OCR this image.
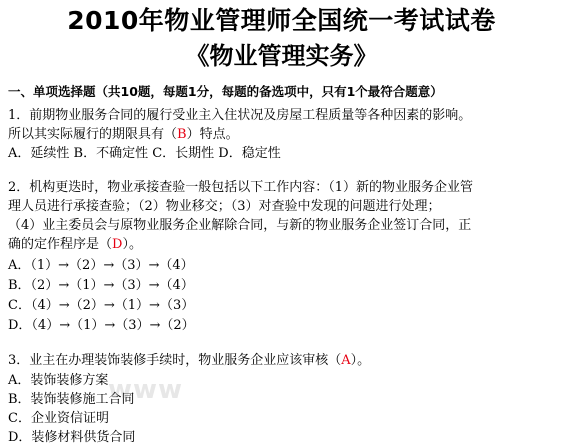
2010年物业管理师全国统一考试试卷
《物业管理实务》
一、单项选择题（共10题，每题1分，每题的备选项中，只有1个最符合题意）
1．前期物业服务合同的履行受业主入住状况及房屋工程质量等各种因素的影响。
所以其实际履行的期限具有（B）特点。
A．延续性 B．不确定性 C．长期性 D．稳定性
2．机构更迭时，物业承接查验一般包括以下工作内容：（1）新的物业服务企业管
理人员进行承接查验；（2）物业移交；（3）对查验中发现的问题进行处理；
（4）业主委员会与原物业服务企业解除合同，与新的物业服务企业签订合同，正
确的定作程序是（D）。
A．（1）→（2）→（3）→（4）
B．（2）→（1）→（3）→（4）
C．（4）→（2）→（1）→（3）
D．（4）→（1）→（3）→（2）
3．业主在办理装饰装修手续时，物业服务企业应该审核（A）。
A．装饰装修方案
B．装饰装修施工合同
C．企业资信证明
D．装修材料供货合同
www
